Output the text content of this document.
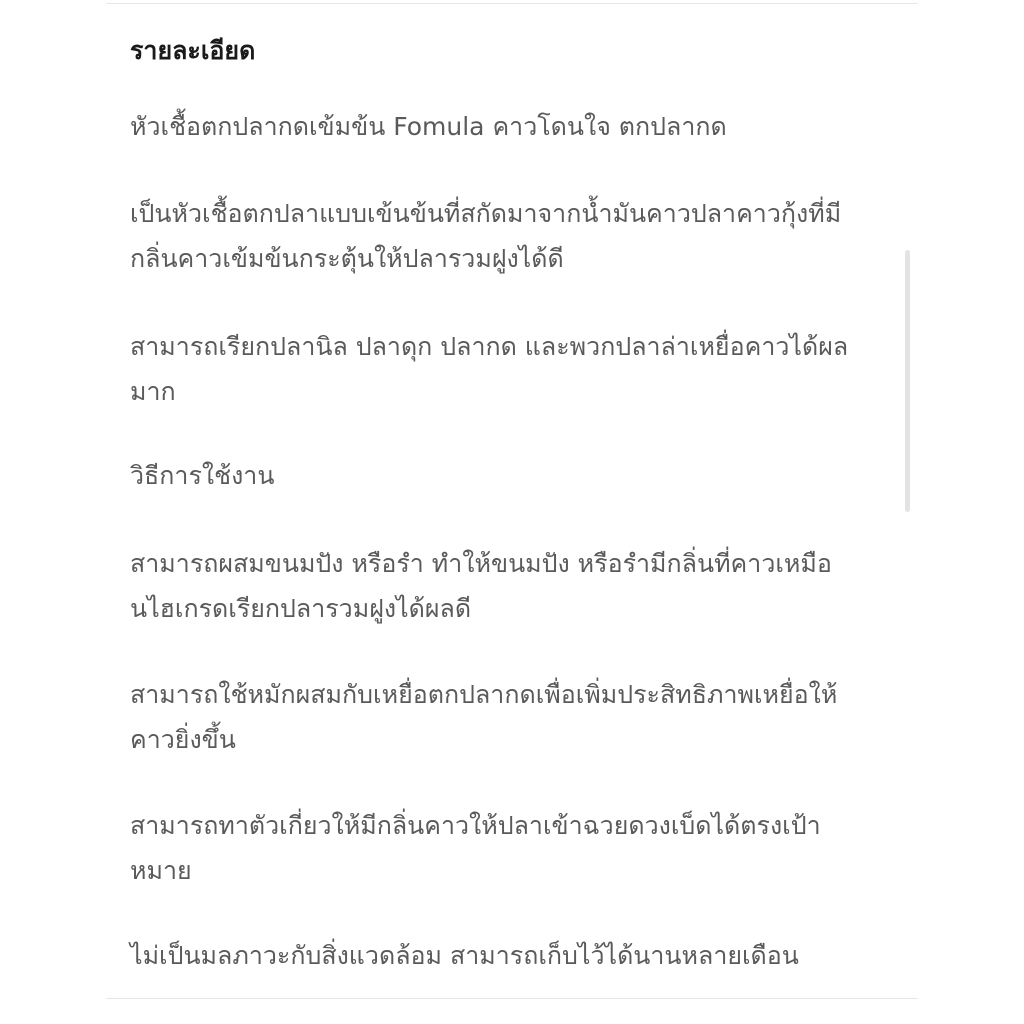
รายละเอียด

หัวเชื้อตกปลากดเข้มข้น Fomula คาวโดนใจ ตกปลากด

เป็นหัวเชื้อตกปลาแบบเข้นข้นที่สกัดมาจากน้ำมันคาวปลาคาวกุ้งที่มี
กลิ่นคาวเข้มข้นกระตุ้นให้ปลารวมฝูงได้ดี

สามารถเรียกปลานิล ปลาดุก ปลากด และพวกปลาล่าเหยื่อคาวได้ผล
มาก

วิธีการใช้งาน

สามารถผสมขนมปัง หรือรำ ทำให้ขนมปัง หรือรำมีกลิ่นที่คาวเหมือ
นไฮเกรดเรียกปลารวมฝูงได้ผลดี

สามารถใช้หมักผสมกับเหยื่อตกปลากดเพื่อเพิ่มประสิทธิภาพเหยื่อให้
คาวยิ่งขึ้น

สามารถทาตัวเกี่ยวให้มีกลิ่นคาวให้ปลาเข้าฉวยดวงเบ็ดได้ตรงเป้า
หมาย

ไม่เป็นมลภาวะกับสิ่งแวดล้อม สามารถเก็บไว้ได้นานหลายเดือน
